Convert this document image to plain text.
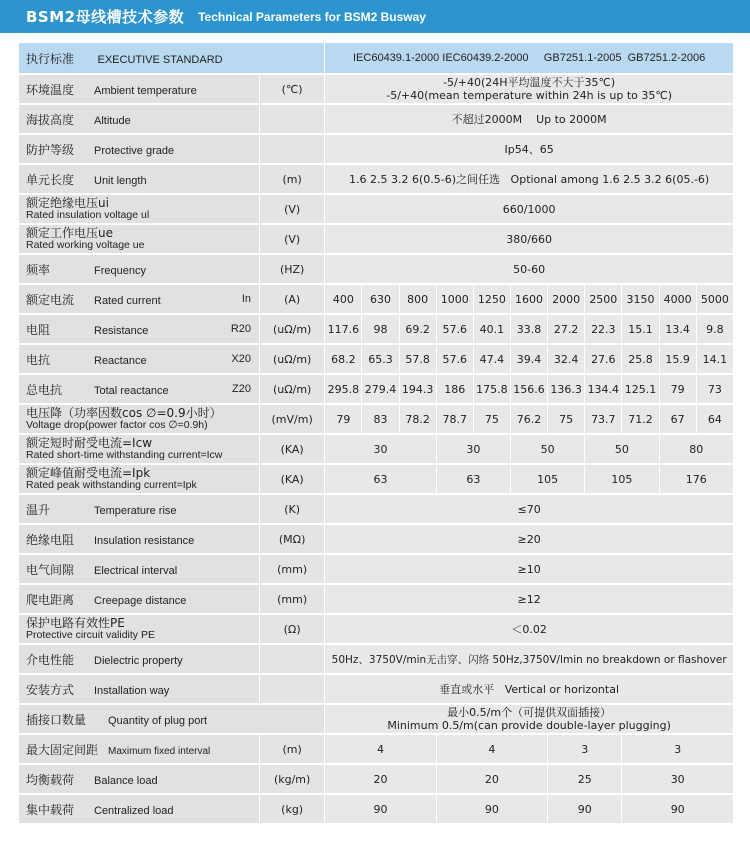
BSM2母线槽技术参数 Technical Parameters for BSM2 Busway
执行标准 EXECUTIVE STANDARD		IEC60439.1-2000 IEC60439.2-2000     GB7251.1-2005  GB7251.2-2006										
环境温度 Ambient temperature	(℃)	-5/+40(24H平均温度不大于35℃)
-5/+40(mean temperature within 24h is up to 35℃)										

海拔高度 Altitude		不超过2000M    Up to 2000M										
防护等级 Protective grade		Ip54、65										
单元长度 Unit length	(m)	1.6 2.5 3.2 6(0.5-6)之间任选   Optional among 1.6 2.5 3.2 6(05.-6)										

额定绝缘电压ui
Rated insulation voltage ul	(V)	660/1000										

额定工作电压ue
Rated working voltage ue	(V)	380/660										
频率 Frequency	(HZ)	50-60										
额定电流 Rated current In	(A)	400	630	800	1000	1250	1600	2000	2500	3150	4000	5000
电阻 Resistance R20	(uΩ/m)	117.6	98	69.2	57.6	40.1	33.8	27.2	22.3	15.1	13.4	9.8
电抗 Reactance X20	(uΩ/m)	68.2	65.3	57.8	57.6	47.4	39.4	32.4	27.6	25.8	15.9	14.1
总电抗 Total reactance Z20	(uΩ/m)	295.8	279.4	194.3	186	175.8	156.6	136.3	134.4	125.1	79	73

电压降（功率因数cos ∅=0.9小时）
Voltage drop(power factor cos ∅=0.9h)	(mV/m)	79	83	78.2	78.7	75	76.2	75	73.7	71.2	67	64

额定短时耐受电流=Icw
Rated short-time withstanding current=Icw	(KA)	30			30		50		50		80	

额定峰值耐受电流=Ipk
Rated peak withstanding current=Ipk	(KA)	63			63		105		105		176	
温升 Temperature rise	(K)	≤70										
绝缘电阻 Insulation resistance	(MΩ)	≥20										
电气间隙 Electrical interval	(mm)	≥10										
爬电距离 Creepage distance	(mm)	≥12										

保护电路有效性PE
Protective circuit validity PE	(Ω)	＜0.02										
介电性能 Dielectric property		50Hz、3750V/min无击穿、闪络 50Hz,3750V/lmin no breakdown or flashover										
安装方式 Installation way		垂直或水平   Vertical or horizontal										
插接口数量 Quantity of plug port		最小0.5/m个（可提供双面插接）
Minimum 0.5/m(can provide double-layer plugging)										

最大固定间距 Maximum fixed interval	(m)	4			4			3		3		
均衡载荷 Balance load	(kg/m)	20			20			25		30		
集中载荷 Centralized load	(kg)	90			90			90		90		
